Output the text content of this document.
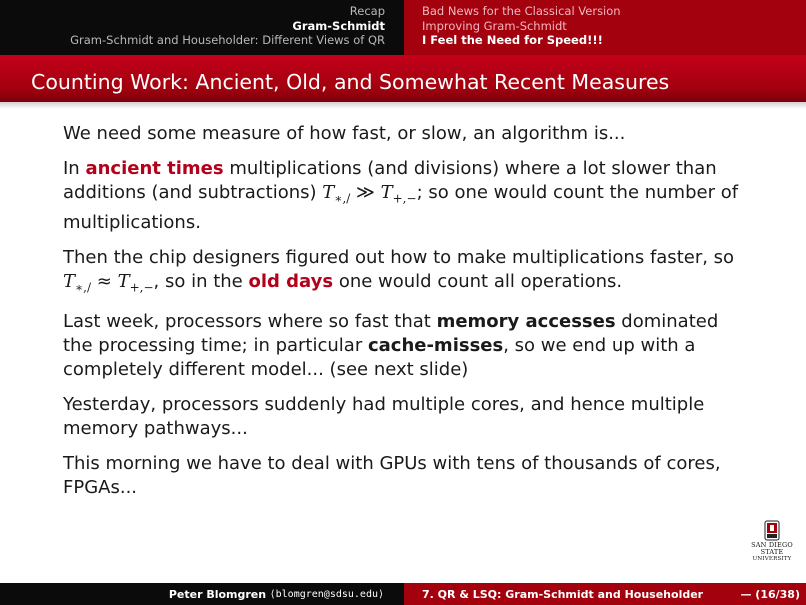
Recap
Gram-Schmidt
Gram-Schmidt and Householder: Different Views of QR
Bad News for the Classical Version
Improving Gram-Schmidt
I Feel the Need for Speed!!!
Counting Work: Ancient, Old, and Somewhat Recent Measures

We need some measure of how fast, or slow, an algorithm is...

In ancient times multiplications (and divisions) where a lot slower than additions (and subtractions) $T_{∗,/}$ ≫ $T_{+,-}$; so one would count the number of multiplications.

Then the chip designers figured out how to make multiplications faster, so $T_{∗,/} \approx T_{+,-}$, so in the old days one would count all operations.

Last week, processors where so fast that memory accesses dominated the processing time; in particular cache-misses, so we end up with a completely different model... (see next slide)

Yesterday, processors suddenly had multiple cores, and hence multiple memory pathways...

This morning we have to deal with GPUs with tens of thousands of cores, FPGAs...

SAN DIEGO STATE
UNIVERSITY
Peter Blomgren
⟨blomgren@sdsu.edu⟩	7. QR & LSQ: Gram-Schmidt and Householder	— (16/38)
